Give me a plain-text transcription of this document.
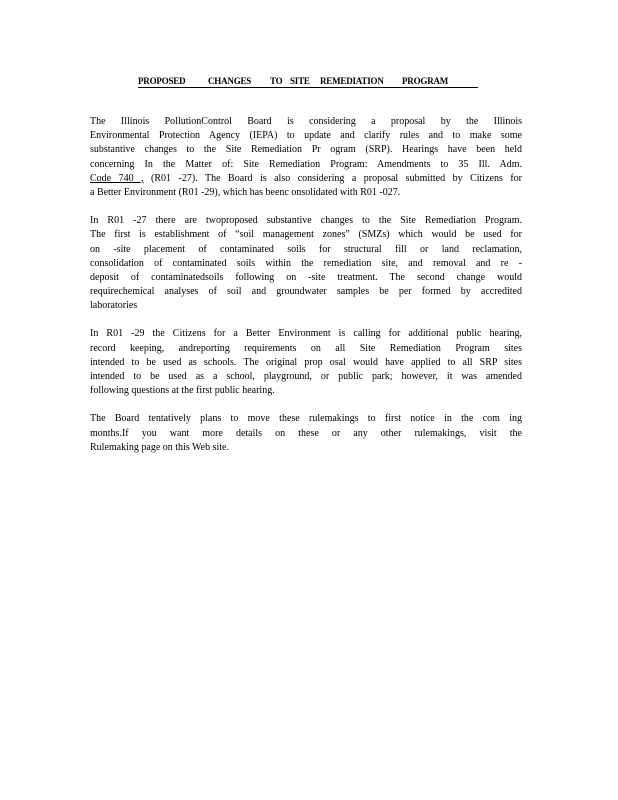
PROPOSED	CHANGES TO SITE REMEDIATION PROGRAM
The Illinois PollutionControl Board is considering a proposal by the Illinois
Environmental Protection Agency (IEPA) to update and clarify rules and to make some
substantive changes to the Site Remediation Pr ogram (SRP). Hearings have been held
concerning In the Matter of: Site Remediation Program: Amendments to 35 Ill. Adm.
Code 740 , (R01 -27). The Board is also considering a proposal submitted by Citizens for
a Better Environment (R01 -29), which has beenc onsolidated with R01 -027.
In R01 -27 there are twoproposed substantive changes to the Site Remediation Program.
The first is establishment of “soil management zones” (SMZs) which would be used for
on -site placement of contaminated soils for structural fill or land reclamation,
consolidation of contaminated soils within the remediation site, and removal and re -
deposit of contaminatedsoils following on -site treatment. The second change would
requirechemical analyses of soil and groundwater samples be per formed by accredited
laboratories
In R01 -29 the Citizens for a Better Environment is calling for additional public hearing,
record keeping, andreporting requirements on all Site Remediation Program sites
intended to be used as schools. The original prop osal would have applied to all SRP sites
intended to be used as a school, playground, or public park; however, it was amended
following questions at the first public hearing.
The Board tentatively plans to move these rulemakings to first notice in the com ing
months.If you want more details on these or any other rulemakings, visit the
Rulemaking page on this Web site.
